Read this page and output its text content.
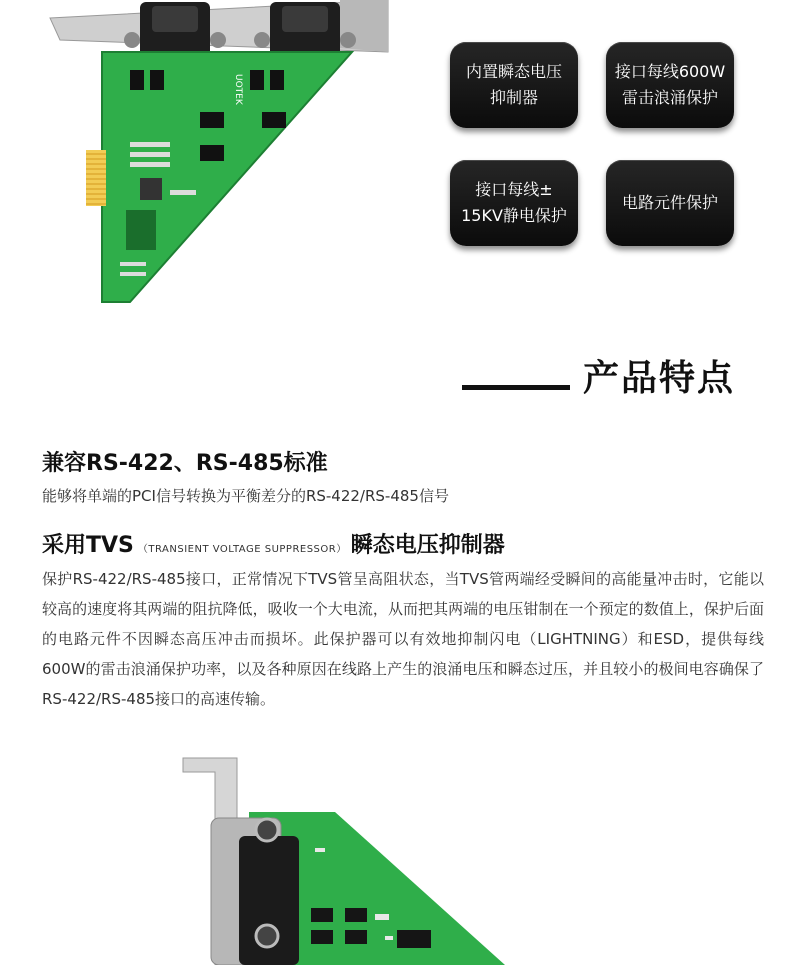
UOTEK
内置瞬态电压
抑制器
接口每线600W
雷击浪涌保护
接口每线±
15KV静电保护
电路元件保护
产品特点
兼容RS-422、RS-485标准
能够将单端的PCI信号转换为平衡差分的RS-422/RS-485信号
采用TVS （TRANSIENT VOLTAGE SUPPRESSOR） 瞬态电压抑制器
保护RS-422/RS-485接口，正常情况下TVS管呈高阻状态，当TVS管两端经受瞬间的高能量冲击时，它能以较高的速度将其两端的阻抗降低，吸收一个大电流，从而把其两端的电压钳制在一个预定的数值上，保护后面的电路元件不因瞬态高压冲击而损坏。此保护器可以有效地抑制闪电（LIGHTNING）和ESD，提供每线600W的雷击浪涌保护功率，以及各种原因在线路上产生的浪涌电压和瞬态过压，并且较小的极间电容确保了RS-422/RS-485接口的高速传输。
